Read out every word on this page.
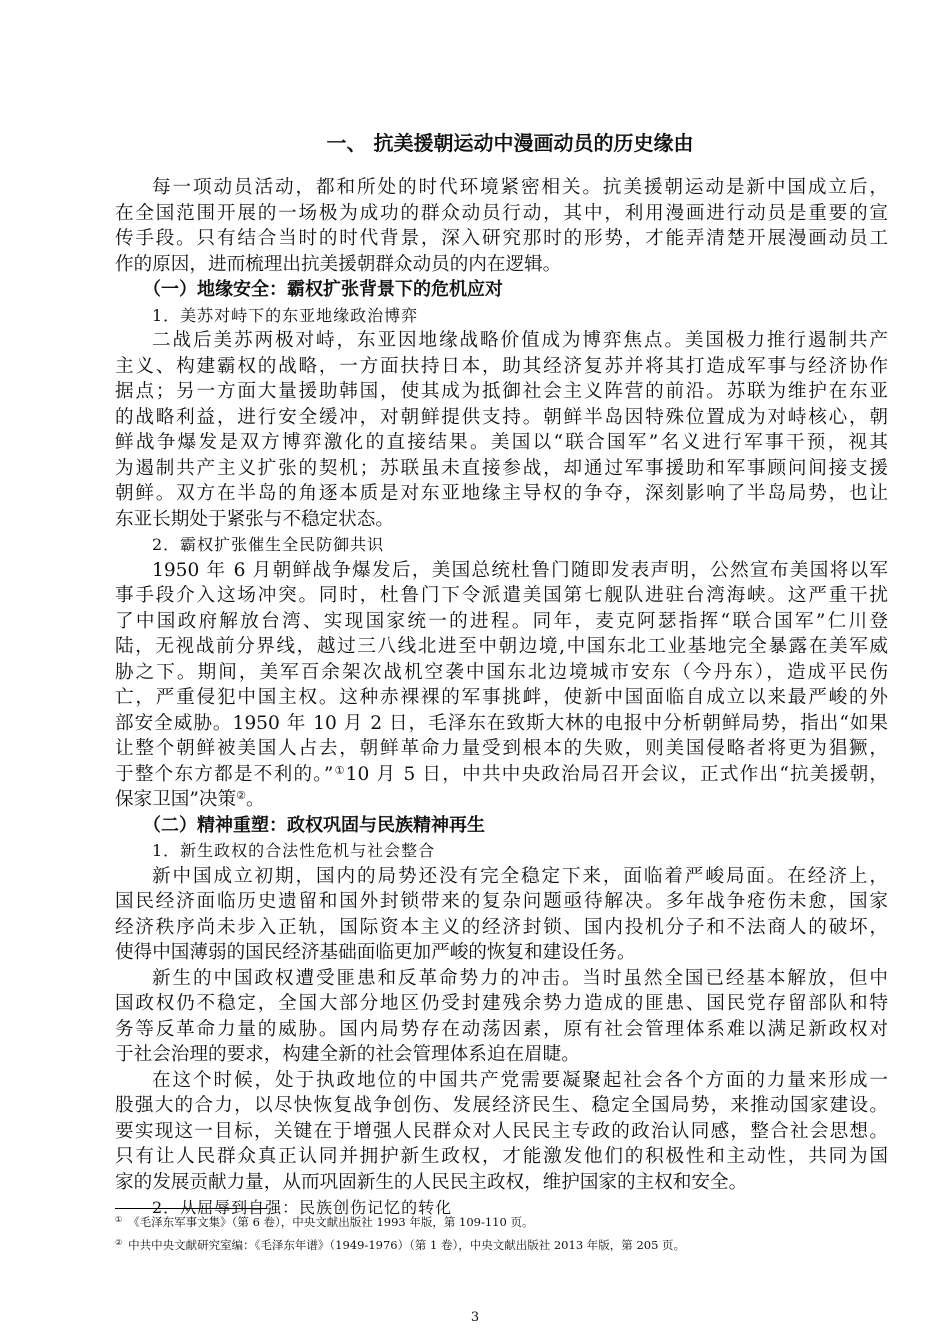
一、 抗美援朝运动中漫画动员的历史缘由
每一项动员活动，都和所处的时代环境紧密相关。抗美援朝运动是新中国成立后，
在全国范围开展的一场极为成功的群众动员行动，其中，利用漫画进行动员是重要的宣
传手段。只有结合当时的时代背景，深入研究那时的形势，才能弄清楚开展漫画动员工
作的原因，进而梳理出抗美援朝群众动员的内在逻辑。
（一）地缘安全：霸权扩张背景下的危机应对
1．美苏对峙下的东亚地缘政治博弈
二战后美苏两极对峙，东亚因地缘战略价值成为博弈焦点。美国极力推行遏制共产
主义、构建霸权的战略，一方面扶持日本，助其经济复苏并将其打造成军事与经济协作
据点；另一方面大量援助韩国，使其成为抵御社会主义阵营的前沿。苏联为维护在东亚
的战略利益，进行安全缓冲，对朝鲜提供支持。朝鲜半岛因特殊位置成为对峙核心，朝
鲜战争爆发是双方博弈激化的直接结果。美国以“联合国军”名义进行军事干预，视其
为遏制共产主义扩张的契机；苏联虽未直接参战，却通过军事援助和军事顾问间接支援
朝鲜。双方在半岛的角逐本质是对东亚地缘主导权的争夺，深刻影响了半岛局势，也让
东亚长期处于紧张与不稳定状态。
2．霸权扩张催生全民防御共识
1950 年 6 月朝鲜战争爆发后，美国总统杜鲁门随即发表声明，公然宣布美国将以军
事手段介入这场冲突。同时，杜鲁门下令派遣美国第七舰队进驻台湾海峡。这严重干扰
了中国政府解放台湾、实现国家统一的进程。同年，麦克阿瑟指挥“联合国军”仁川登
陆，无视战前分界线，越过三八线北进至中朝边境,中国东北工业基地完全暴露在美军威
胁之下。期间，美军百余架次战机空袭中国东北边境城市安东（今丹东），造成平民伤
亡，严重侵犯中国主权。这种赤裸裸的军事挑衅，使新中国面临自成立以来最严峻的外
部安全威胁。1950 年 10 月 2 日，毛泽东在致斯大林的电报中分析朝鲜局势，指出“如果
让整个朝鲜被美国人占去，朝鲜革命力量受到根本的失败，则美国侵略者将更为猖獗，
于整个东方都是不利的。”①10 月 5 日，中共中央政治局召开会议，正式作出“抗美援朝，
保家卫国”决策②。
（二）精神重塑：政权巩固与民族精神再生
1．新生政权的合法性危机与社会整合
新中国成立初期，国内的局势还没有完全稳定下来，面临着严峻局面。在经济上，
国民经济面临历史遗留和国外封锁带来的复杂问题亟待解决。多年战争疮伤未愈，国家
经济秩序尚未步入正轨，国际资本主义的经济封锁、国内投机分子和不法商人的破坏，
使得中国薄弱的国民经济基础面临更加严峻的恢复和建设任务。
新生的中国政权遭受匪患和反革命势力的冲击。当时虽然全国已经基本解放，但中
国政权仍不稳定，全国大部分地区仍受封建残余势力造成的匪患、国民党存留部队和特
务等反革命力量的威胁。国内局势存在动荡因素，原有社会管理体系难以满足新政权对
于社会治理的要求，构建全新的社会管理体系迫在眉睫。
在这个时候，处于执政地位的中国共产党需要凝聚起社会各个方面的力量来形成一
股强大的合力，以尽快恢复战争创伤、发展经济民生、稳定全国局势，来推动国家建设。
要实现这一目标，关键在于增强人民群众对人民民主专政的政治认同感，整合社会思想。
只有让人民群众真正认同并拥护新生政权，才能激发他们的积极性和主动性，共同为国
家的发展贡献力量，从而巩固新生的人民民主政权，维护国家的主权和安全。
2．从屈辱到自强：民族创伤记忆的转化
① 《毛泽东军事文集》（第 6 卷），中央文献出版社 1993 年版，第 109-110 页。
② 中共中央文献研究室编：《毛泽东年谱》（1949-1976）（第 1 卷），中央文献出版社 2013 年版，第 205 页。
3
